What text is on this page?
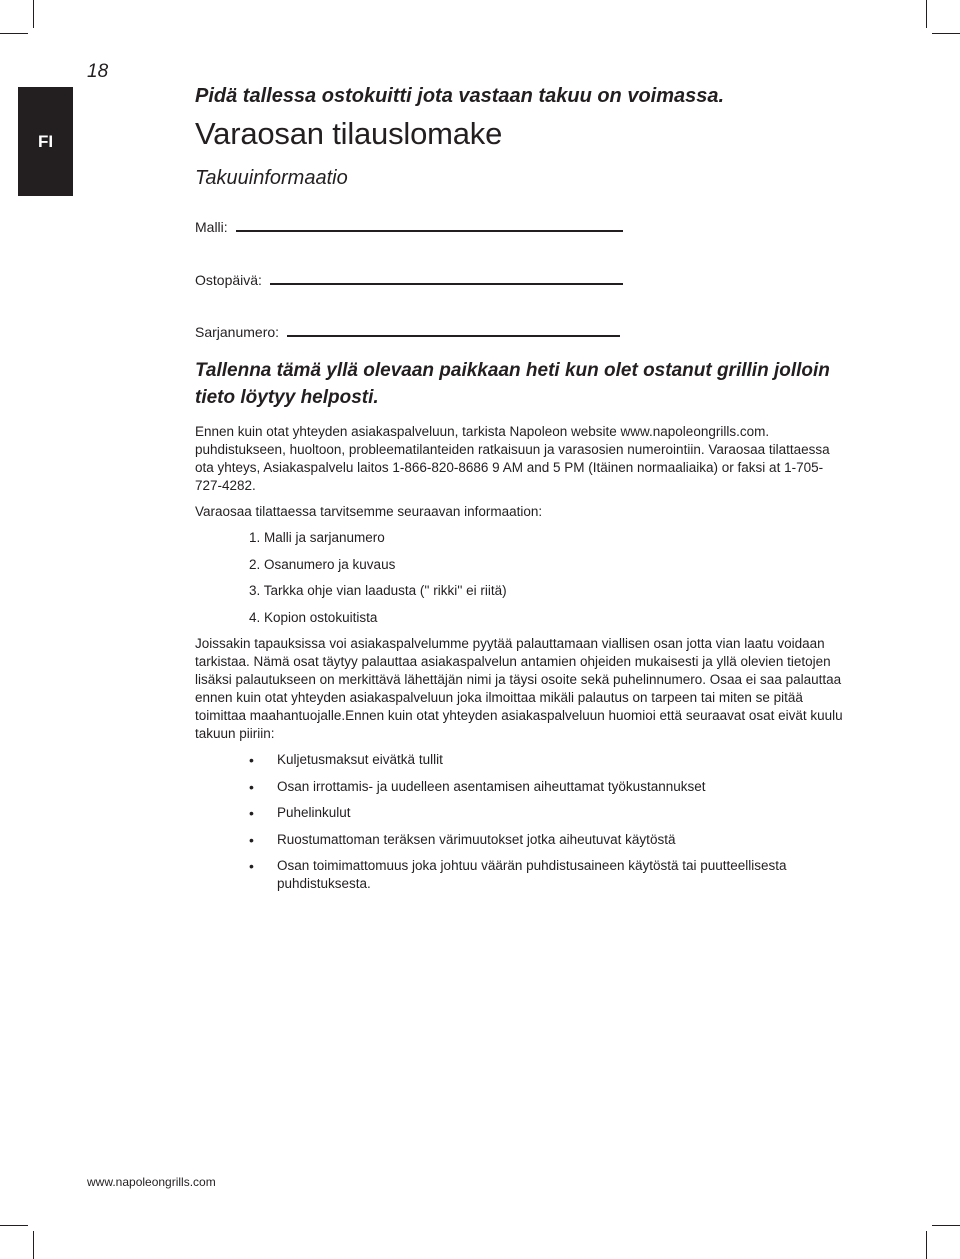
18
FI
Pidä tallessa ostokuitti jota vastaan takuu on voimassa.
Varaosan tilauslomake
Takuuinformaatio
Malli:
Ostopäivä:
Sarjanumero:

Tallenna tämä yllä olevaan paikkaan heti kun olet ostanut grillin jolloin tieto löytyy helposti.

Ennen kuin otat yhteyden asiakaspalveluun, tarkista Napoleon website www.napoleongrills.com. puhdistukseen, huoltoon, probleematilanteiden ratkaisuun ja varasosien numerointiin. Varaosaa tilattaessa ota yhteys, Asiakaspalvelu laitos 1-866-820-8686 9 AM and 5 PM (Itäinen normaaliaika) or faksi at 1-705-727-4282.

Varaosaa tilattaessa tarvitsemme seuraavan informaation:

1. Malli ja sarjanumero
2. Osanumero ja kuvaus
3. Tarkka ohje vian laadusta ('' rikki'' ei riitä)
4. Kopion ostokuitista

Joissakin tapauksissa voi asiakaspalvelumme pyytää palauttamaan viallisen osan jotta vian laatu voidaan tarkistaa. Nämä osat täytyy palauttaa asiakaspalvelun antamien ohjeiden mukaisesti ja yllä olevien tietojen lisäksi palautukseen on merkittävä lähettäjän nimi ja täysi osoite sekä puhelinnumero. Osaa ei saa palauttaa ennen kuin otat yhteyden asiakaspalveluun joka ilmoittaa mikäli palautus on tarpeen tai miten se pitää toimittaa maahantuojalle.Ennen kuin otat yhteyden asiakaspalveluun huomioi että seuraavat osat eivät kuulu takuun piiriin:

• Kuljetusmaksut eivätkä tullit
• Osan irrottamis- ja uudelleen asentamisen aiheuttamat työkustannukset
• Puhelinkulut
• Ruostumattoman teräksen värimuutokset jotka aiheutuvat käytöstä
• Osan toimimattomuus joka johtuu väärän puhdistusaineen käytöstä tai puutteellisesta puhdistuksesta.
www.napoleongrills.com
